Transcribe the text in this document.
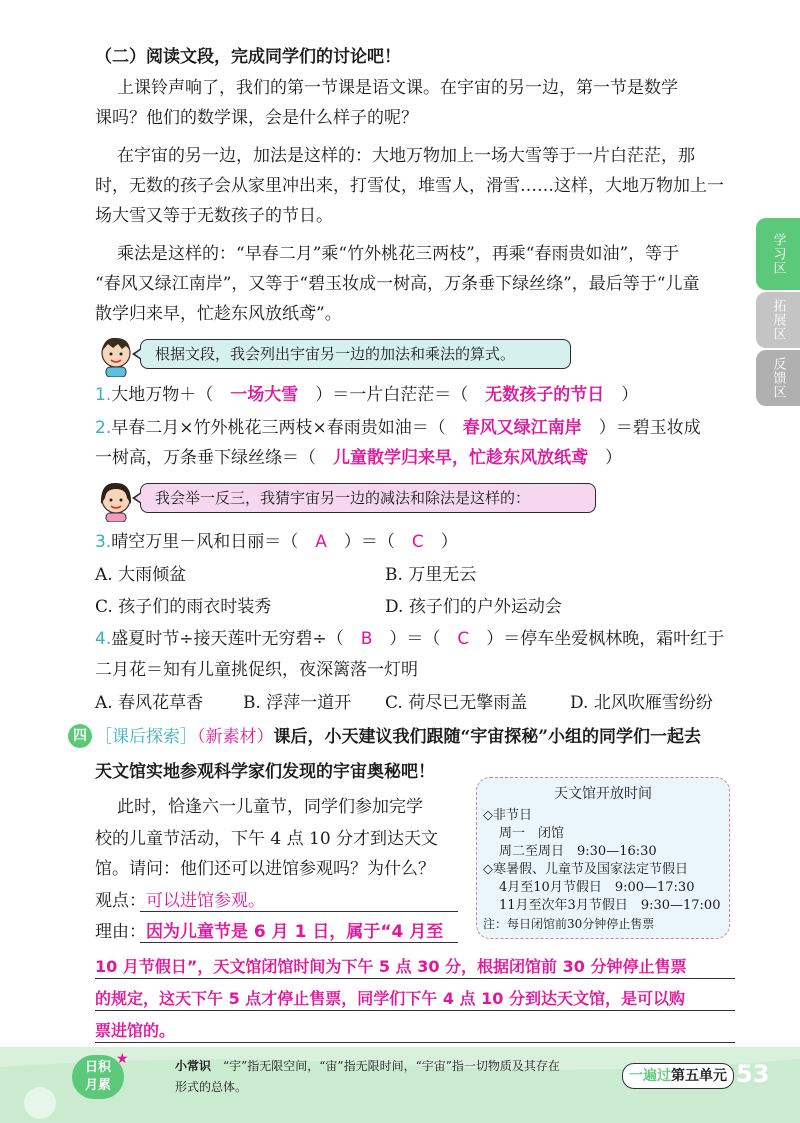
（二）阅读文段，完成同学们的讨论吧！
上课铃声响了，我们的第一节课是语文课。在宇宙的另一边，第一节是数学
课吗？他们的数学课，会是什么样子的呢？
在宇宙的另一边，加法是这样的：大地万物加上一场大雪等于一片白茫茫，那
时，无数的孩子会从家里冲出来，打雪仗，堆雪人，滑雪……这样，大地万物加上一
场大雪又等于无数孩子的节日。
乘法是这样的：“早春二月”乘“竹外桃花三两枝”，再乘“春雨贵如油”，等于
“春风又绿江南岸”，又等于“碧玉妆成一树高，万条垂下绿丝绦”，最后等于“儿童
散学归来早，忙趁东风放纸鸢”。
学习区
拓展区
反馈区
根据文段，我会列出宇宙另一边的加法和乘法的算式。
1.大地万物＋（　 一场大雪　 ）＝一片白茫茫＝（　 无数孩子的节日　 ）
2.早春二月×竹外桃花三两枝×春雨贵如油＝（　 春风又绿江南岸　 ）＝碧玉妆成
一树高，万条垂下绿丝绦＝（　 儿童散学归来早，忙趁东风放纸鸢　 ）
我会举一反三，我猜宇宙另一边的减法和除法是这样的：
3.晴空万里－风和日丽＝（　 A　 ）＝（　 C　 ）
A. 大雨倾盆	B. 万里无云
C. 孩子们的雨衣时装秀	D. 孩子们的户外运动会
4.盛夏时节÷接天莲叶无穷碧÷（　 B　 ）＝（　 C　 ）＝停车坐爱枫林晚，霜叶红于
二月花＝知有儿童挑促织，夜深篱落一灯明
A. 春风花草香 B. 浮萍一道开 C. 荷尽已无擎雨盖	D. 北风吹雁雪纷纷
四 ［课后探索］（新素材）课后，小天建议我们跟随“宇宙探秘”小组的同学们一起去
天文馆实地参观科学家们发现的宇宙奥秘吧！
此时，恰逢六一儿童节，同学们参加完学
校的儿童节活动，下午 4 点 10 分才到达天文
馆。请问：他们还可以进馆参观吗？为什么？
观点：可以进馆参观。
理由：因为儿童节是 6 月 1 日，属于“4 月至
10 月节假日”，天文馆闭馆时间为下午 5 点 30 分，根据闭馆前 30 分钟停止售票
的规定，这天下午 5 点才停止售票，同学们下午 4 点 10 分到达天文馆，是可以购
票进馆的。
天文馆开放时间
◇非节日
周一　闭馆
周二至周日　9:30—16:30
◇寒暑假、儿童节及国家法定节假日
4月至10月节假日　9:00—17:30
11月至次年3月节假日　9:30—17:00
注：每日闭馆前30分钟停止售票
日积
月累
★	小常识　 “宇”指无限空间，“宙”指无限时间，“宇宙”指一切物质及其存在
形式的总体。
一遍过第五单元 53
